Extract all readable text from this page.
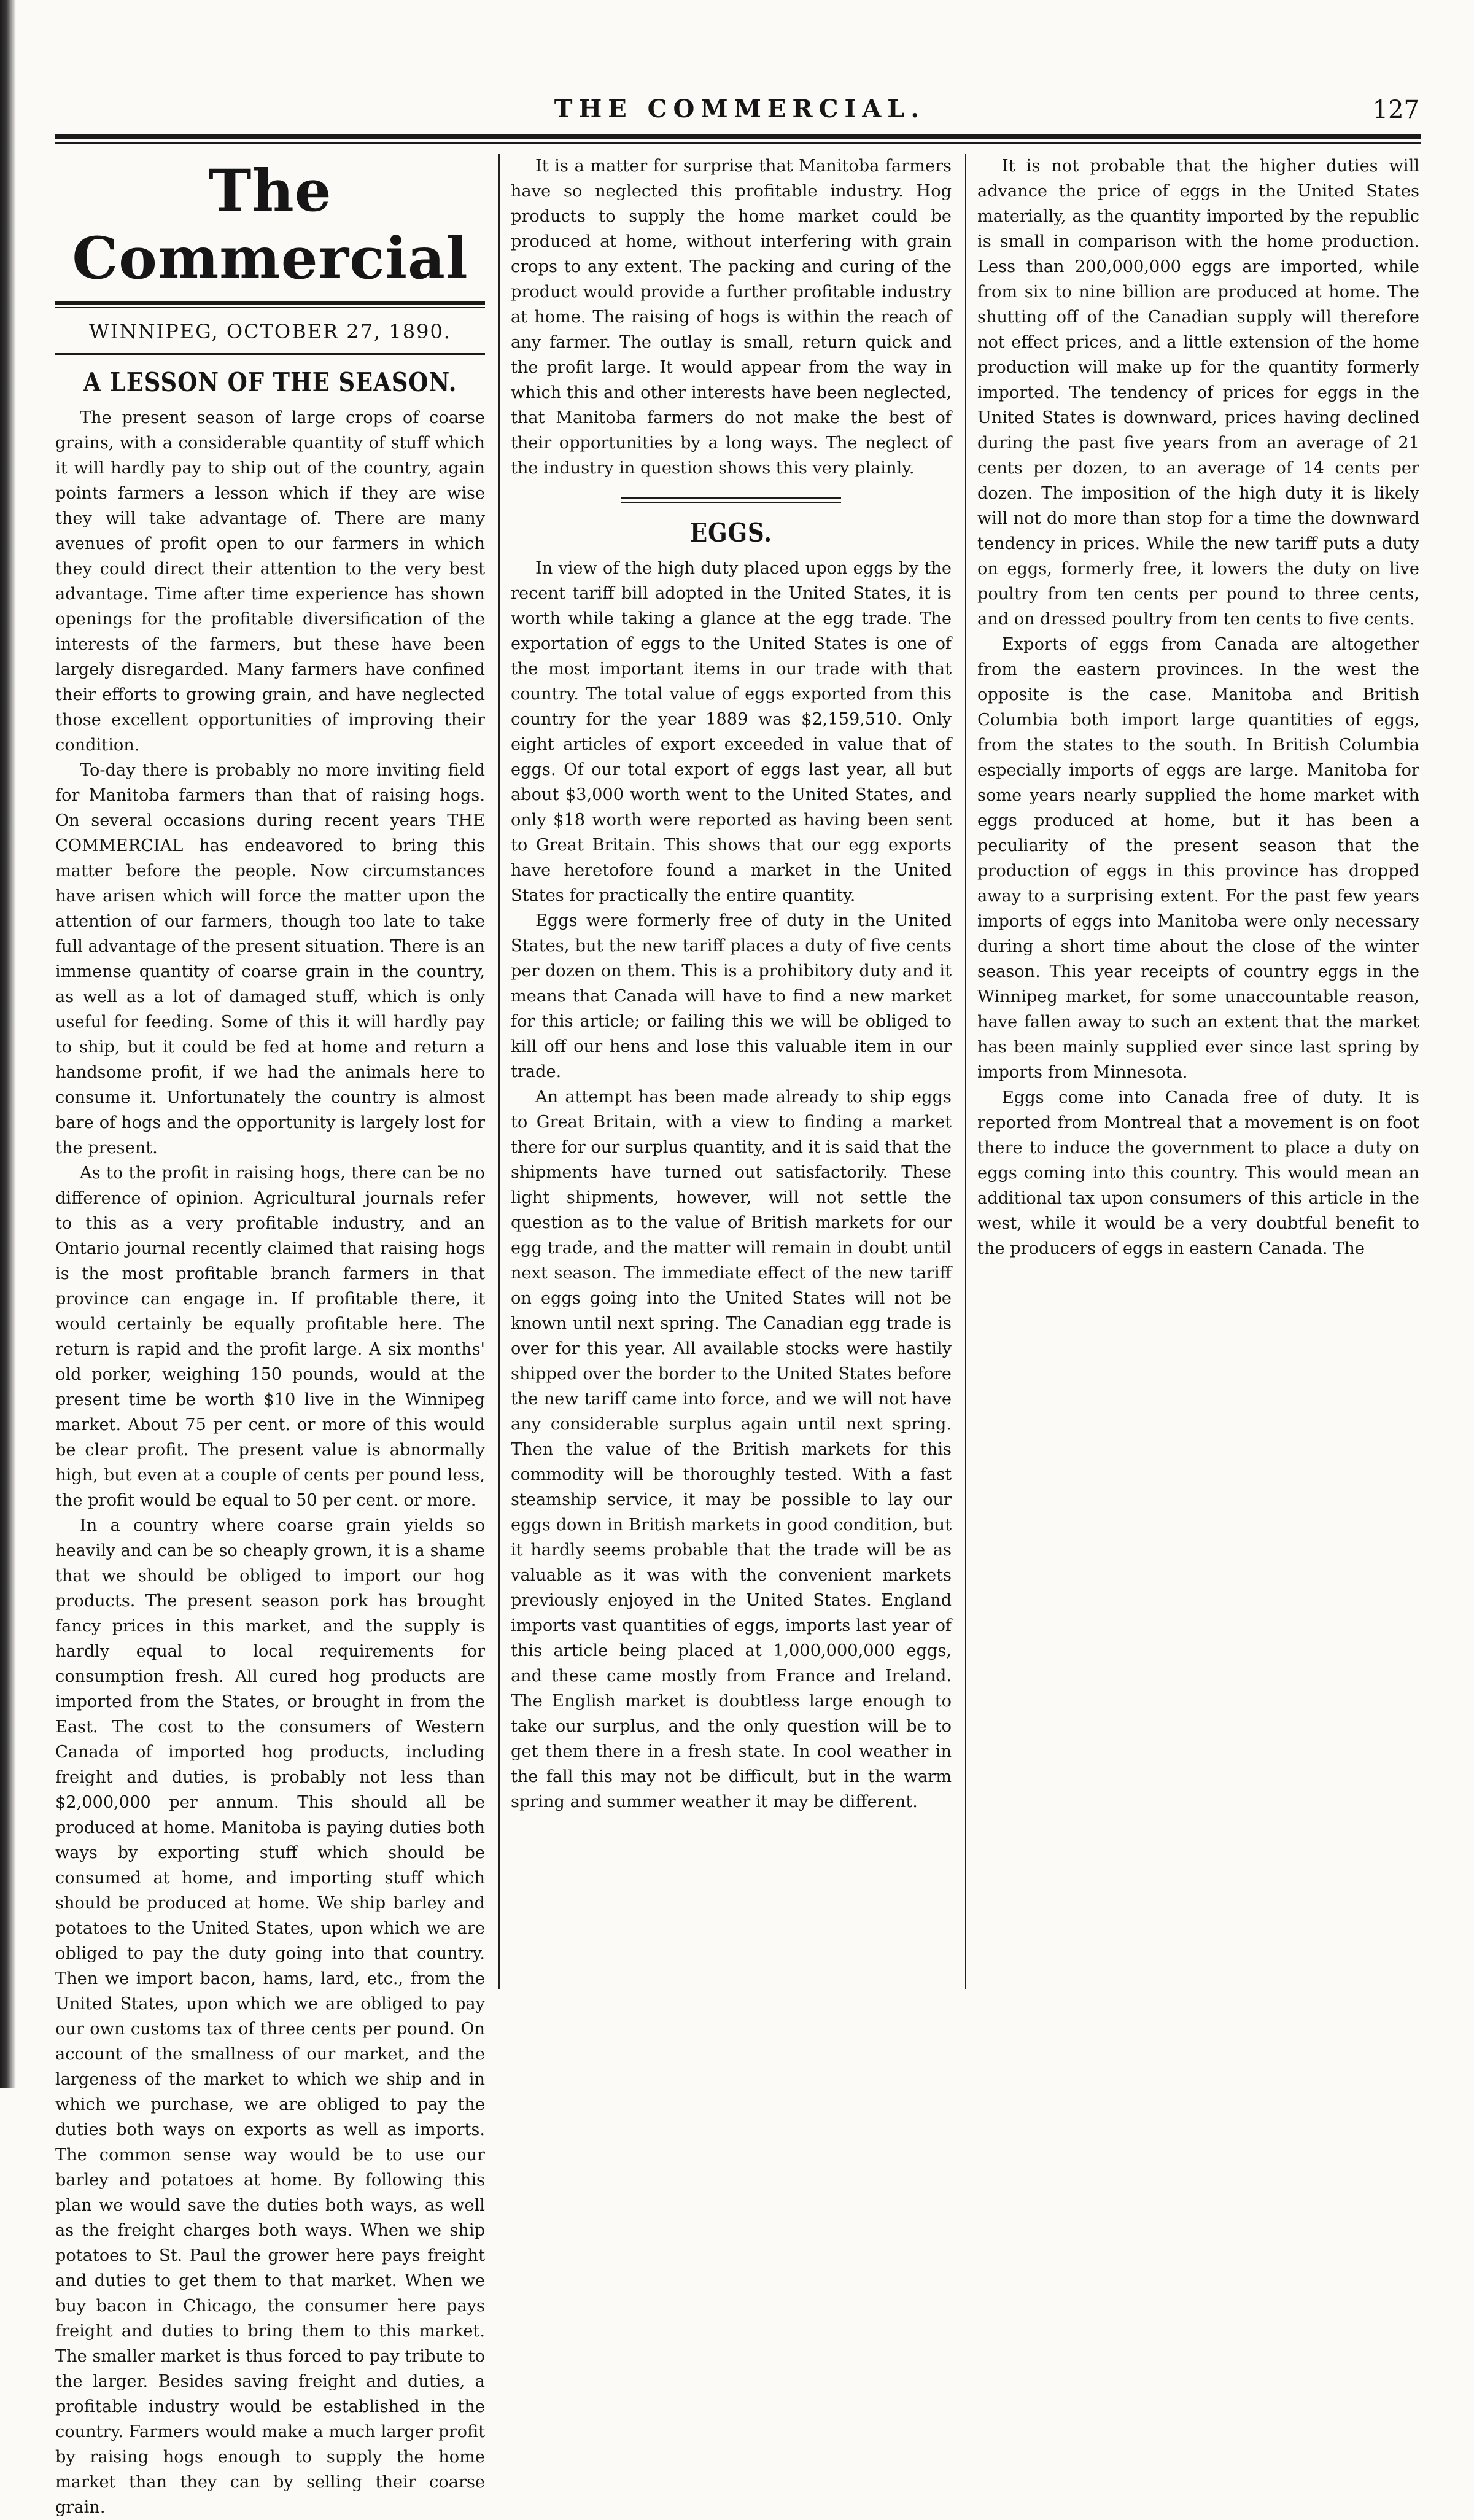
THE COMMERCIAL.	127
The Commercial
WINNIPEG, OCTOBER 27, 1890.
A LESSON OF THE SEASON.

The present season of large crops of coarse grains, with a considerable quantity of stuff which it will hardly pay to ship out of the country, again points farmers a lesson which if they are wise they will take advantage of. There are many avenues of profit open to our farmers in which they could direct their attention to the very best advantage. Time after time experience has shown openings for the profitable diversification of the interests of the farmers, but these have been largely disregarded. Many farmers have confined their efforts to growing grain, and have neglected those excellent opportunities of improving their condition.

To-day there is probably no more inviting field for Manitoba farmers than that of raising hogs. On several occasions during recent years THE COMMERCIAL has endeavored to bring this matter before the people. Now circumstances have arisen which will force the matter upon the attention of our farmers, though too late to take full advantage of the present situation. There is an immense quantity of coarse grain in the country, as well as a lot of damaged stuff, which is only useful for feeding. Some of this it will hardly pay to ship, but it could be fed at home and return a handsome profit, if we had the animals here to consume it. Unfortunately the country is almost bare of hogs and the opportunity is largely lost for the present.

As to the profit in raising hogs, there can be no difference of opinion. Agricultural journals refer to this as a very profitable industry, and an Ontario journal recently claimed that raising hogs is the most profitable branch farmers in that province can engage in. If profitable there, it would certainly be equally profitable here. The return is rapid and the profit large. A six months' old porker, weighing 150 pounds, would at the present time be worth $10 live in the Winnipeg market. About 75 per cent. or more of this would be clear profit. The present value is abnormally high, but even at a couple of cents per pound less, the profit would be equal to 50 per cent. or more.

In a country where coarse grain yields so heavily and can be so cheaply grown, it is a shame that we should be obliged to import our hog products. The present season pork has brought fancy prices in this market, and the supply is hardly equal to local requirements for consumption fresh. All cured hog products are imported from the States, or brought in from the East. The cost to the consumers of Western Canada of imported hog products, including freight and duties, is probably not less than $2,000,000 per annum. This should all be produced at home. Manitoba is paying duties both ways by exporting stuff which should be consumed at home, and importing stuff which should be produced at home. We ship barley and potatoes to the United States, upon which we are obliged to pay the duty going into that country. Then we import bacon, hams, lard, etc., from the United States, upon which we are obliged to pay our own customs tax of three cents per pound. On account of the smallness of our market, and the largeness of the market to which we ship and in which we purchase, we are obliged to pay the duties both ways on exports as well as imports. The common sense way would be to use our barley and potatoes at home. By following this plan we would save the duties both ways, as well as the freight charges both ways. When we ship potatoes to St. Paul the grower here pays freight and duties to get them to that market. When we buy bacon in Chicago, the consumer here pays freight and duties to bring them to this market. The smaller market is thus forced to pay tribute to the larger. Besides saving freight and duties, a profitable industry would be established in the country. Farmers would make a much larger profit by raising hogs enough to supply the home market than they can by selling their coarse grain.

It is a matter for surprise that Manitoba farmers have so neglected this profitable industry. Hog products to supply the home market could be produced at home, without interfering with grain crops to any extent. The packing and curing of the product would provide a further profitable industry at home. The raising of hogs is within the reach of any farmer. The outlay is small, return quick and the profit large. It would appear from the way in which this and other interests have been neglected, that Manitoba farmers do not make the best of their opportunities by a long ways. The neglect of the industry in question shows this very plainly.

EGGS.

In view of the high duty placed upon eggs by the recent tariff bill adopted in the United States, it is worth while taking a glance at the egg trade. The exportation of eggs to the United States is one of the most important items in our trade with that country. The total value of eggs exported from this country for the year 1889 was $2,159,510. Only eight articles of export exceeded in value that of eggs. Of our total export of eggs last year, all but about $3,000 worth went to the United States, and only $18 worth were reported as having been sent to Great Britain. This shows that our egg exports have heretofore found a market in the United States for practically the entire quantity.

Eggs were formerly free of duty in the United States, but the new tariff places a duty of five cents per dozen on them. This is a prohibitory duty and it means that Canada will have to find a new market for this article; or failing this we will be obliged to kill off our hens and lose this valuable item in our trade.

An attempt has been made already to ship eggs to Great Britain, with a view to finding a market there for our surplus quantity, and it is said that the shipments have turned out satisfactorily. These light shipments, however, will not settle the question as to the value of British markets for our egg trade, and the matter will remain in doubt until next season. The immediate effect of the new tariff on eggs going into the United States will not be known until next spring. The Canadian egg trade is over for this year. All available stocks were hastily shipped over the border to the United States before the new tariff came into force, and we will not have any considerable surplus again until next spring. Then the value of the British markets for this commodity will be thoroughly tested. With a fast steamship service, it may be possible to lay our eggs down in British markets in good condition, but it hardly seems probable that the trade will be as valuable as it was with the convenient markets previously enjoyed in the United States. England imports vast quantities of eggs, imports last year of this article being placed at 1,000,000,000 eggs, and these came mostly from France and Ireland. The English market is doubtless large enough to take our surplus, and the only question will be to get them there in a fresh state. In cool weather in the fall this may not be difficult, but in the warm spring and summer weather it may be different.

It is not probable that the higher duties will advance the price of eggs in the United States materially, as the quantity imported by the republic is small in comparison with the home production. Less than 200,000,000 eggs are imported, while from six to nine billion are produced at home. The shutting off of the Canadian supply will therefore not effect prices, and a little extension of the home production will make up for the quantity formerly imported. The tendency of prices for eggs in the United States is downward, prices having declined during the past five years from an average of 21 cents per dozen, to an average of 14 cents per dozen. The imposition of the high duty it is likely will not do more than stop for a time the downward tendency in prices. While the new tariff puts a duty on eggs, formerly free, it lowers the duty on live poultry from ten cents per pound to three cents, and on dressed poultry from ten cents to five cents.

Exports of eggs from Canada are altogether from the eastern provinces. In the west the opposite is the case. Manitoba and British Columbia both import large quantities of eggs, from the states to the south. In British Columbia especially imports of eggs are large. Manitoba for some years nearly supplied the home market with eggs produced at home, but it has been a peculiarity of the present season that the production of eggs in this province has dropped away to a surprising extent. For the past few years imports of eggs into Manitoba were only necessary during a short time about the close of the winter season. This year receipts of country eggs in the Winnipeg market, for some unaccountable reason, have fallen away to such an extent that the market has been mainly supplied ever since last spring by imports from Minnesota.

Eggs come into Canada free of duty. It is reported from Montreal that a movement is on foot there to induce the government to place a duty on eggs coming into this country. This would mean an additional tax upon consumers of this article in the west, while it would be a very doubtful benefit to the producers of eggs in eastern Canada. The
